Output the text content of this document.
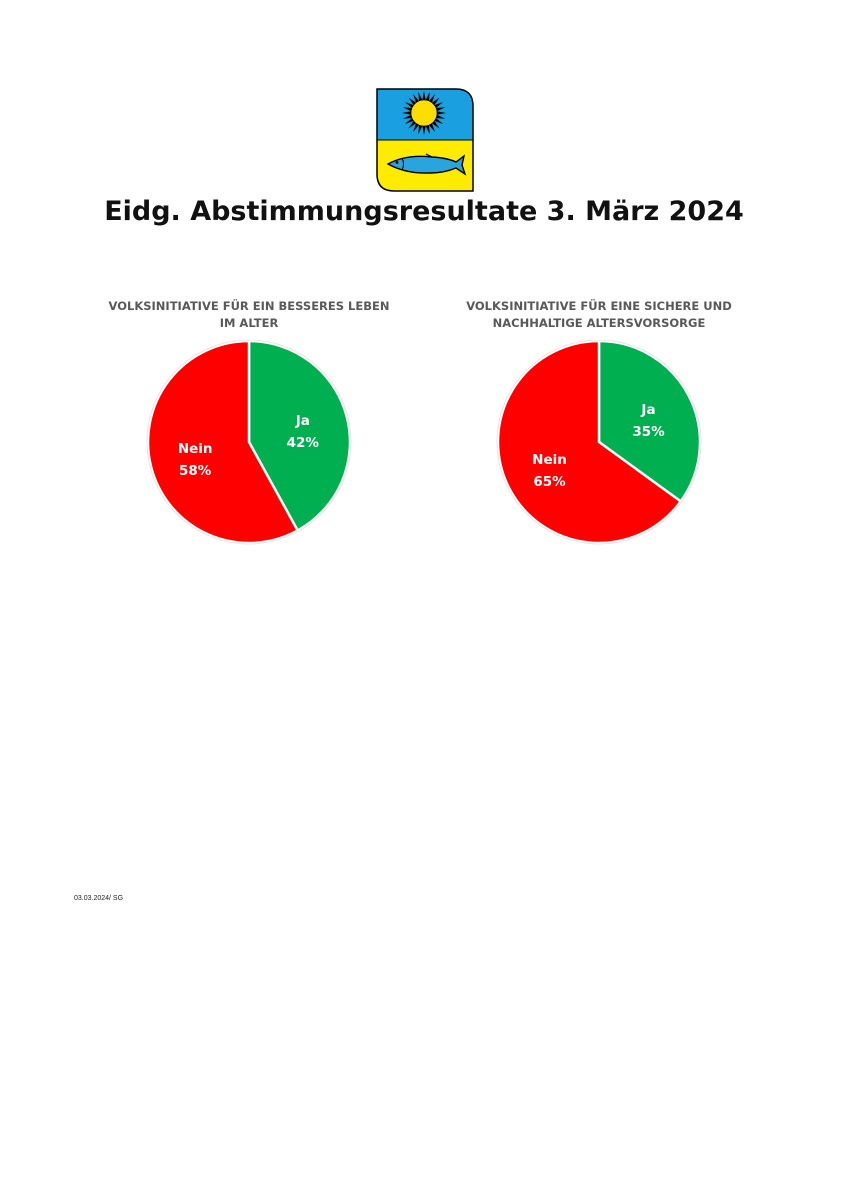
Eidg. Abstimmungsresultate 3. März 2024
VOLKSINITIATIVE FÜR EIN BESSERES LEBEN IM ALTER
Ja
42%
Nein
58%
VOLKSINITIATIVE FÜR EINE SICHERE UND NACHHALTIGE ALTERSVORSORGE
Ja
35%
Nein
65%
03.03.2024/ SG
